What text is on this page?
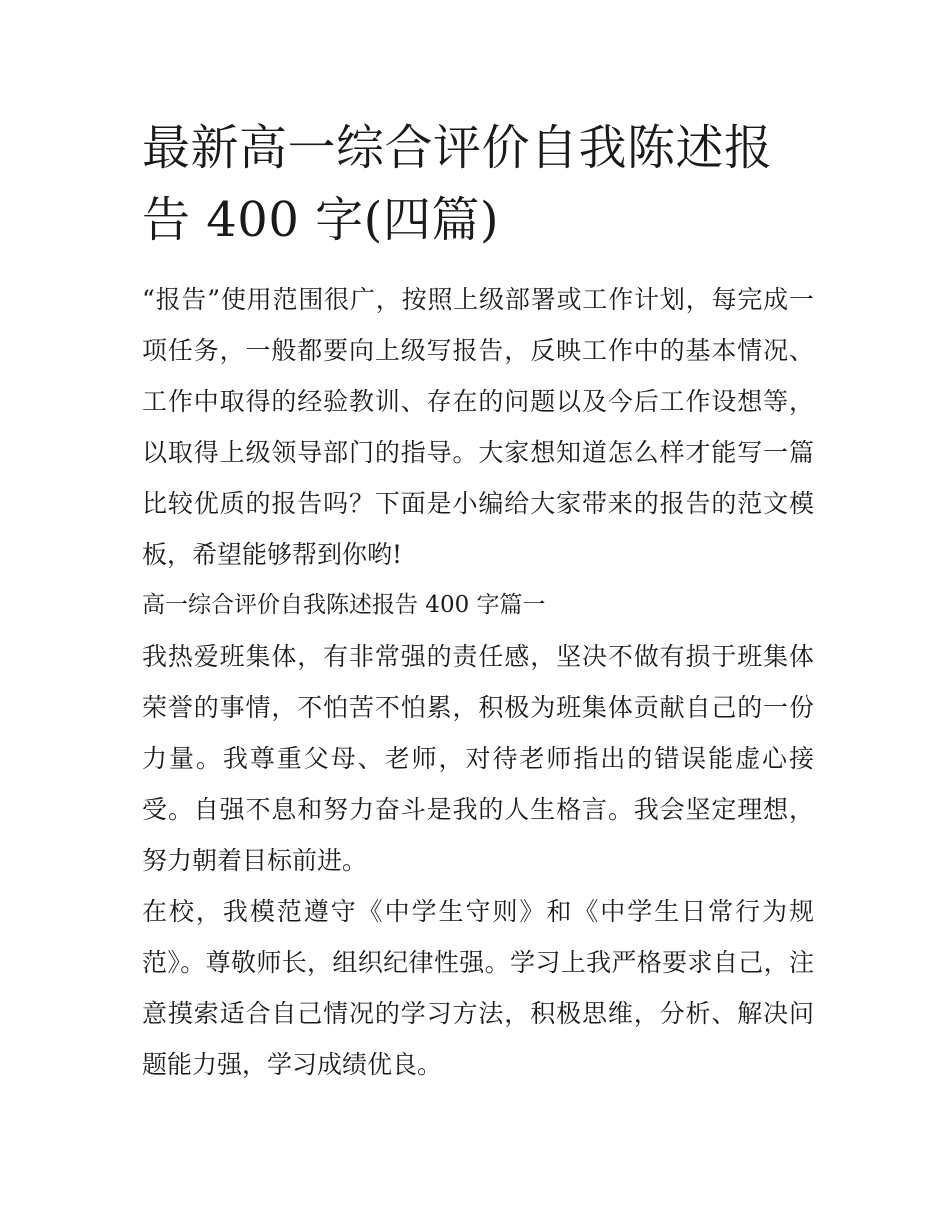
最新高一综合评价自我陈述报告 400 字(四篇)

“报告”使用范围很广，按照上级部署或工作计划，每完成一项任务，一般都要向上级写报告，反映工作中的基本情况、工作中取得的经验教训、存在的问题以及今后工作设想等，以取得上级领导部门的指导。大家想知道怎么样才能写一篇比较优质的报告吗？下面是小编给大家带来的报告的范文模板，希望能够帮到你哟!

高一综合评价自我陈述报告 400 字篇一

我热爱班集体，有非常强的责任感，坚决不做有损于班集体荣誉的事情，不怕苦不怕累，积极为班集体贡献自己的一份力量。我尊重父母、老师，对待老师指出的错误能虚心接受。自强不息和努力奋斗是我的人生格言。我会坚定理想，努力朝着目标前进。

在校，我模范遵守《中学生守则》和《中学生日常行为规范》。尊敬师长，组织纪律性强。学习上我严格要求自己，注意摸索适合自己情况的学习方法，积极思维，分析、解决问题能力强，学习成绩优良。
